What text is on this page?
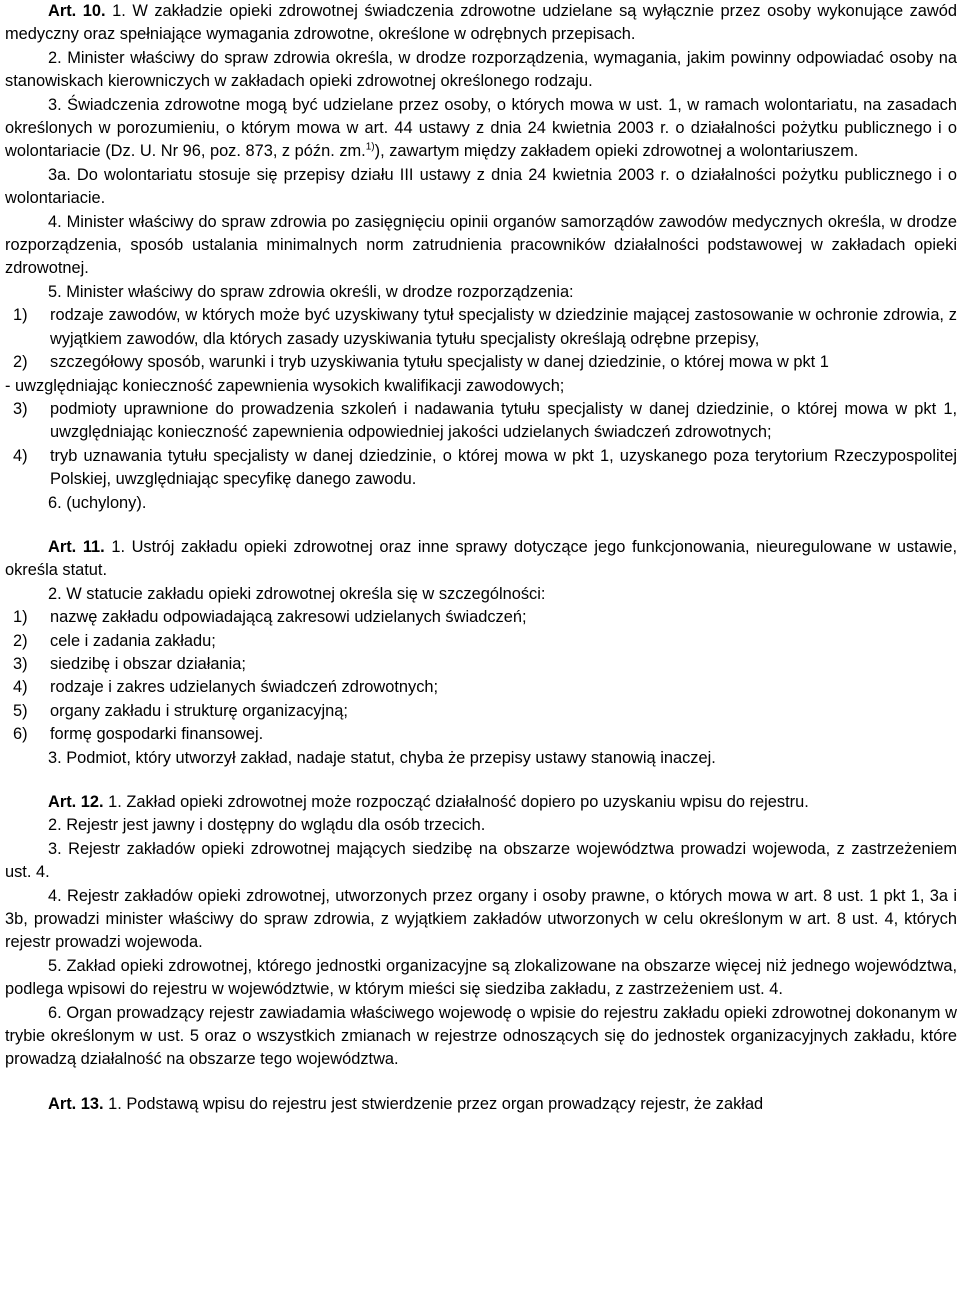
Art. 10. 1. W zakładzie opieki zdrowotnej świadczenia zdrowotne udzielane są wyłącznie przez osoby wykonujące zawód medyczny oraz spełniające wymagania zdrowotne, określone w odrębnych przepisach.

2. Minister właściwy do spraw zdrowia określa, w drodze rozporządzenia, wymagania, jakim powinny odpowiadać osoby na stanowiskach kierowniczych w zakładach opieki zdrowotnej określonego rodzaju.

3. Świadczenia zdrowotne mogą być udzielane przez osoby, o których mowa w ust. 1, w ramach wolontariatu, na zasadach określonych w porozumieniu, o którym mowa w art. 44 ustawy z dnia 24 kwietnia 2003 r. o działalności pożytku publicznego i o wolontariacie (Dz. U. Nr 96, poz. 873, z późn. zm.$^{1)}$), zawartym między zakładem opieki zdrowotnej a wolontariuszem.

3a. Do wolontariatu stosuje się przepisy działu III ustawy z dnia 24 kwietnia 2003 r. o działalności pożytku publicznego i o wolontariacie.

4. Minister właściwy do spraw zdrowia po zasięgnięciu opinii organów samorządów zawodów medycznych określa, w drodze rozporządzenia, sposób ustalania minimalnych norm zatrudnienia pracowników działalności podstawowej w zakładach opieki zdrowotnej.

5. Minister właściwy do spraw zdrowia określi, w drodze rozporządzenia:

1) rodzaje zawodów, w których może być uzyskiwany tytuł specjalisty w dziedzinie mającej zastosowanie w ochronie zdrowia, z wyjątkiem zawodów, dla których zasady uzyskiwania tytułu specjalisty określają odrębne przepisy,
2) szczegółowy sposób, warunki i tryb uzyskiwania tytułu specjalisty w danej dziedzinie, o której mowa w pkt 1

- uwzględniając konieczność zapewnienia wysokich kwalifikacji zawodowych;

3) podmioty uprawnione do prowadzenia szkoleń i nadawania tytułu specjalisty w danej dziedzinie, o której mowa w pkt 1, uwzględniając konieczność zapewnienia odpowiedniej jakości udzielanych świadczeń zdrowotnych;
4) tryb uznawania tytułu specjalisty w danej dziedzinie, o której mowa w pkt 1, uzyskanego poza terytorium Rzeczypospolitej Polskiej, uwzględniając specyfikę danego zawodu.

6. (uchylony).

Art. 11. 1. Ustrój zakładu opieki zdrowotnej oraz inne sprawy dotyczące jego funkcjonowania, nieuregulowane w ustawie, określa statut.

2. W statucie zakładu opieki zdrowotnej określa się w szczególności:

1) nazwę zakładu odpowiadającą zakresowi udzielanych świadczeń;
2) cele i zadania zakładu;
3) siedzibę i obszar działania;
4) rodzaje i zakres udzielanych świadczeń zdrowotnych;
5) organy zakładu i strukturę organizacyjną;
6) formę gospodarki finansowej.

3. Podmiot, który utworzył zakład, nadaje statut, chyba że przepisy ustawy stanowią inaczej.

Art. 12. 1. Zakład opieki zdrowotnej może rozpocząć działalność dopiero po uzyskaniu wpisu do rejestru.

2. Rejestr jest jawny i dostępny do wglądu dla osób trzecich.

3. Rejestr zakładów opieki zdrowotnej mających siedzibę na obszarze województwa prowadzi wojewoda, z zastrzeżeniem ust. 4.

4. Rejestr zakładów opieki zdrowotnej, utworzonych przez organy i osoby prawne, o których mowa w art. 8 ust. 1 pkt 1, 3a i 3b, prowadzi minister właściwy do spraw zdrowia, z wyjątkiem zakładów utworzonych w celu określonym w art. 8 ust. 4, których rejestr prowadzi wojewoda.

5. Zakład opieki zdrowotnej, którego jednostki organizacyjne są zlokalizowane na obszarze więcej niż jednego województwa, podlega wpisowi do rejestru w województwie, w którym mieści się siedziba zakładu, z zastrzeżeniem ust. 4.

6. Organ prowadzący rejestr zawiadamia właściwego wojewodę o wpisie do rejestru zakładu opieki zdrowotnej dokonanym w trybie określonym w ust. 5 oraz o wszystkich zmianach w rejestrze odnoszących się do jednostek organizacyjnych zakładu, które prowadzą działalność na obszarze tego województwa.

Art. 13. 1. Podstawą wpisu do rejestru jest stwierdzenie przez organ prowadzący rejestr, że zakład
